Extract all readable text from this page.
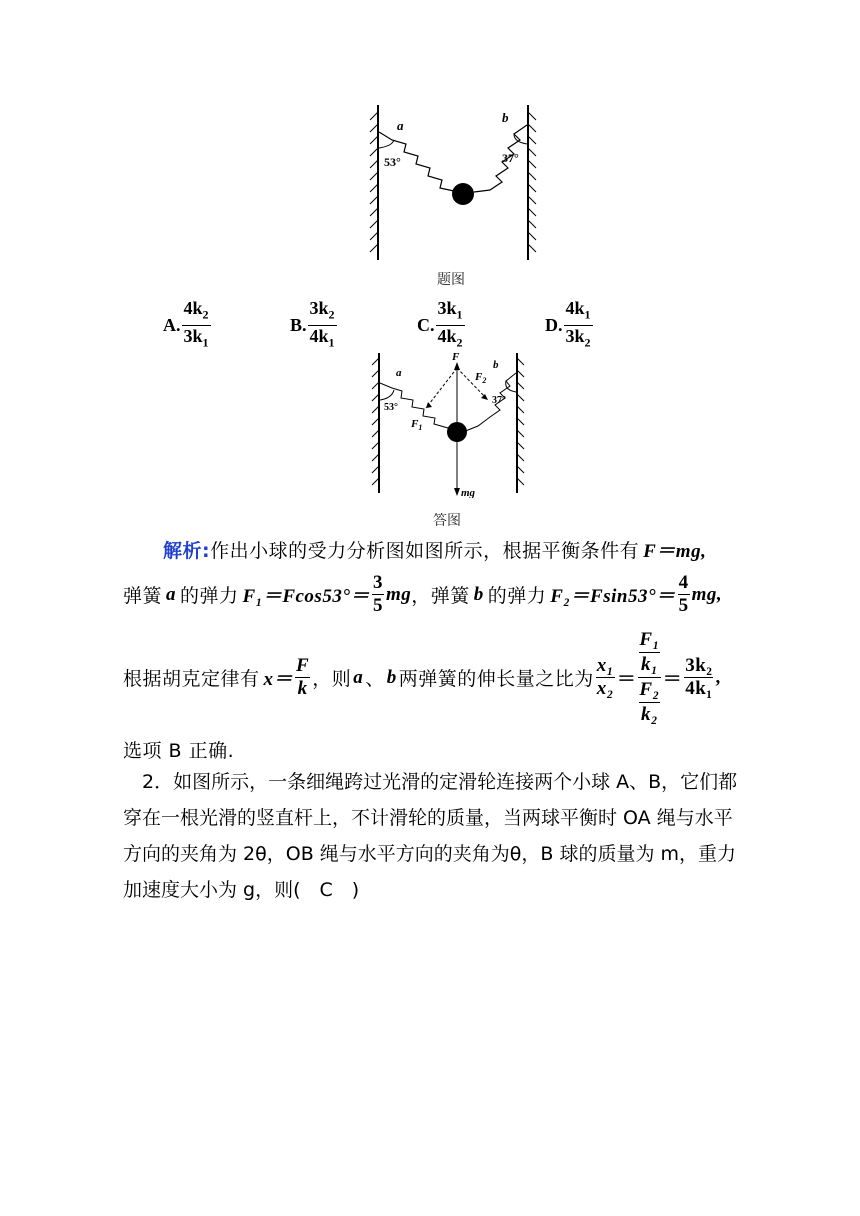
a
b
53°	37°
题图
A. $\frac{4k_2}{3k_1}$	B. $\frac{3k_2}{4k_1}$	C. $\frac{3k_1}{4k_2}$	D. $\frac{4k_1}{3k_2}$
F
$F_2$
$F_1$
mg
a
b
53°
37°
答图
解析: 作出小球的受力分析图如图所示，根据平衡条件有 F＝mg,
弹簧 a 的弹力 $F_1=Fcos53^\circ= \frac{3}{5}$ mg ，弹簧 b 的弹力 $F_2=Fsin53^\circ= \frac{4}{5}$ mg,
根据胡克定律有 $x= \frac{F}{k}$ ，则 a 、 b 两弹簧的伸长量之比为 $\frac{\text{x₁}}{\text{x₂}}$ ＝
$\frac{\text{F₁}}{\text{k₁}}$
$\frac{\text{F₂}}{\text{k₂}} = \frac{\text{3k₂}}{\text{4k₁}}$ ,
选项 B 正确.
2．如图所示，一条细绳跨过光滑的定滑轮连接两个小球 A、B，它们都穿在一根光滑的竖直杆上，不计滑轮的质量，当两球平衡时 OA 绳与水平方向的夹角为 2θ，OB 绳与水平方向的夹角为θ，B 球的质量为 m，重力加速度大小为 g，则(　C　)
